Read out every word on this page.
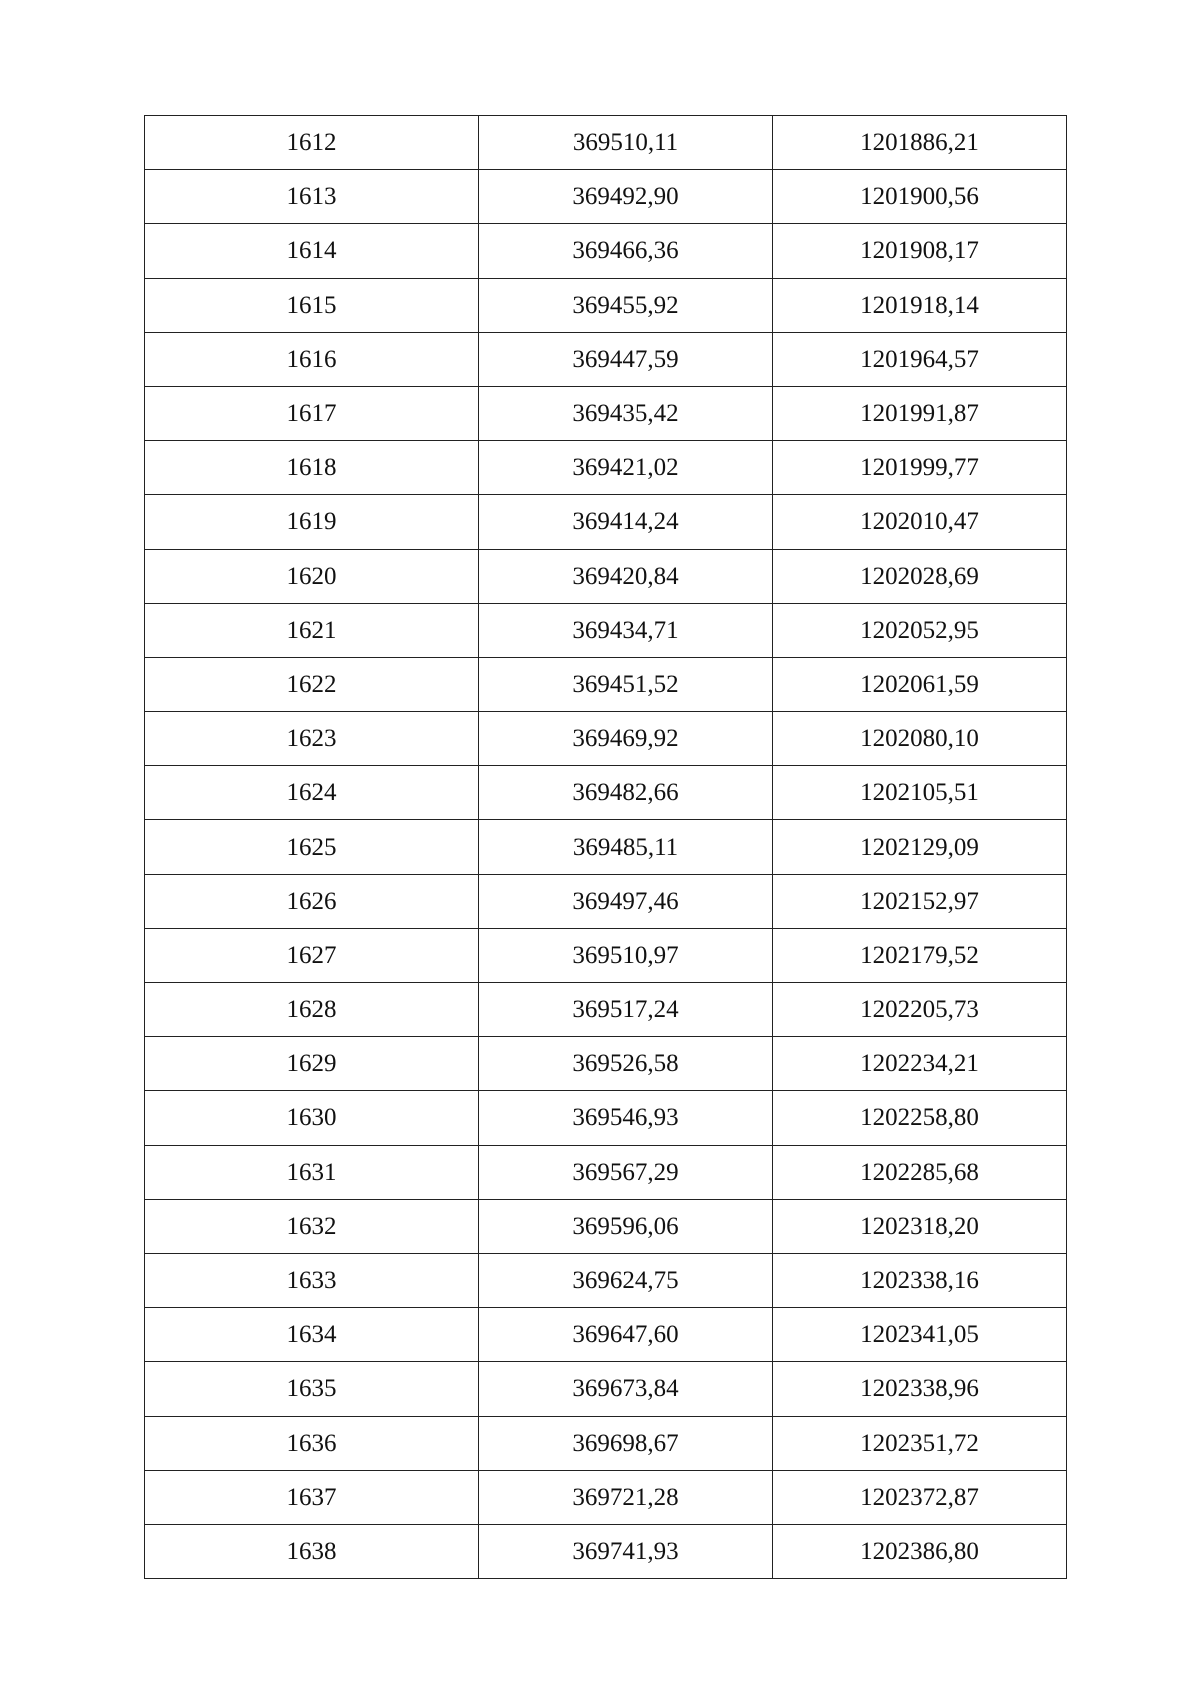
1612	369510,11	1201886,21
1613	369492,90	1201900,56
1614	369466,36	1201908,17
1615	369455,92	1201918,14
1616	369447,59	1201964,57
1617	369435,42	1201991,87
1618	369421,02	1201999,77
1619	369414,24	1202010,47
1620	369420,84	1202028,69
1621	369434,71	1202052,95
1622	369451,52	1202061,59
1623	369469,92	1202080,10
1624	369482,66	1202105,51
1625	369485,11	1202129,09
1626	369497,46	1202152,97
1627	369510,97	1202179,52
1628	369517,24	1202205,73
1629	369526,58	1202234,21
1630	369546,93	1202258,80
1631	369567,29	1202285,68
1632	369596,06	1202318,20
1633	369624,75	1202338,16
1634	369647,60	1202341,05
1635	369673,84	1202338,96
1636	369698,67	1202351,72
1637	369721,28	1202372,87
1638	369741,93	1202386,80
